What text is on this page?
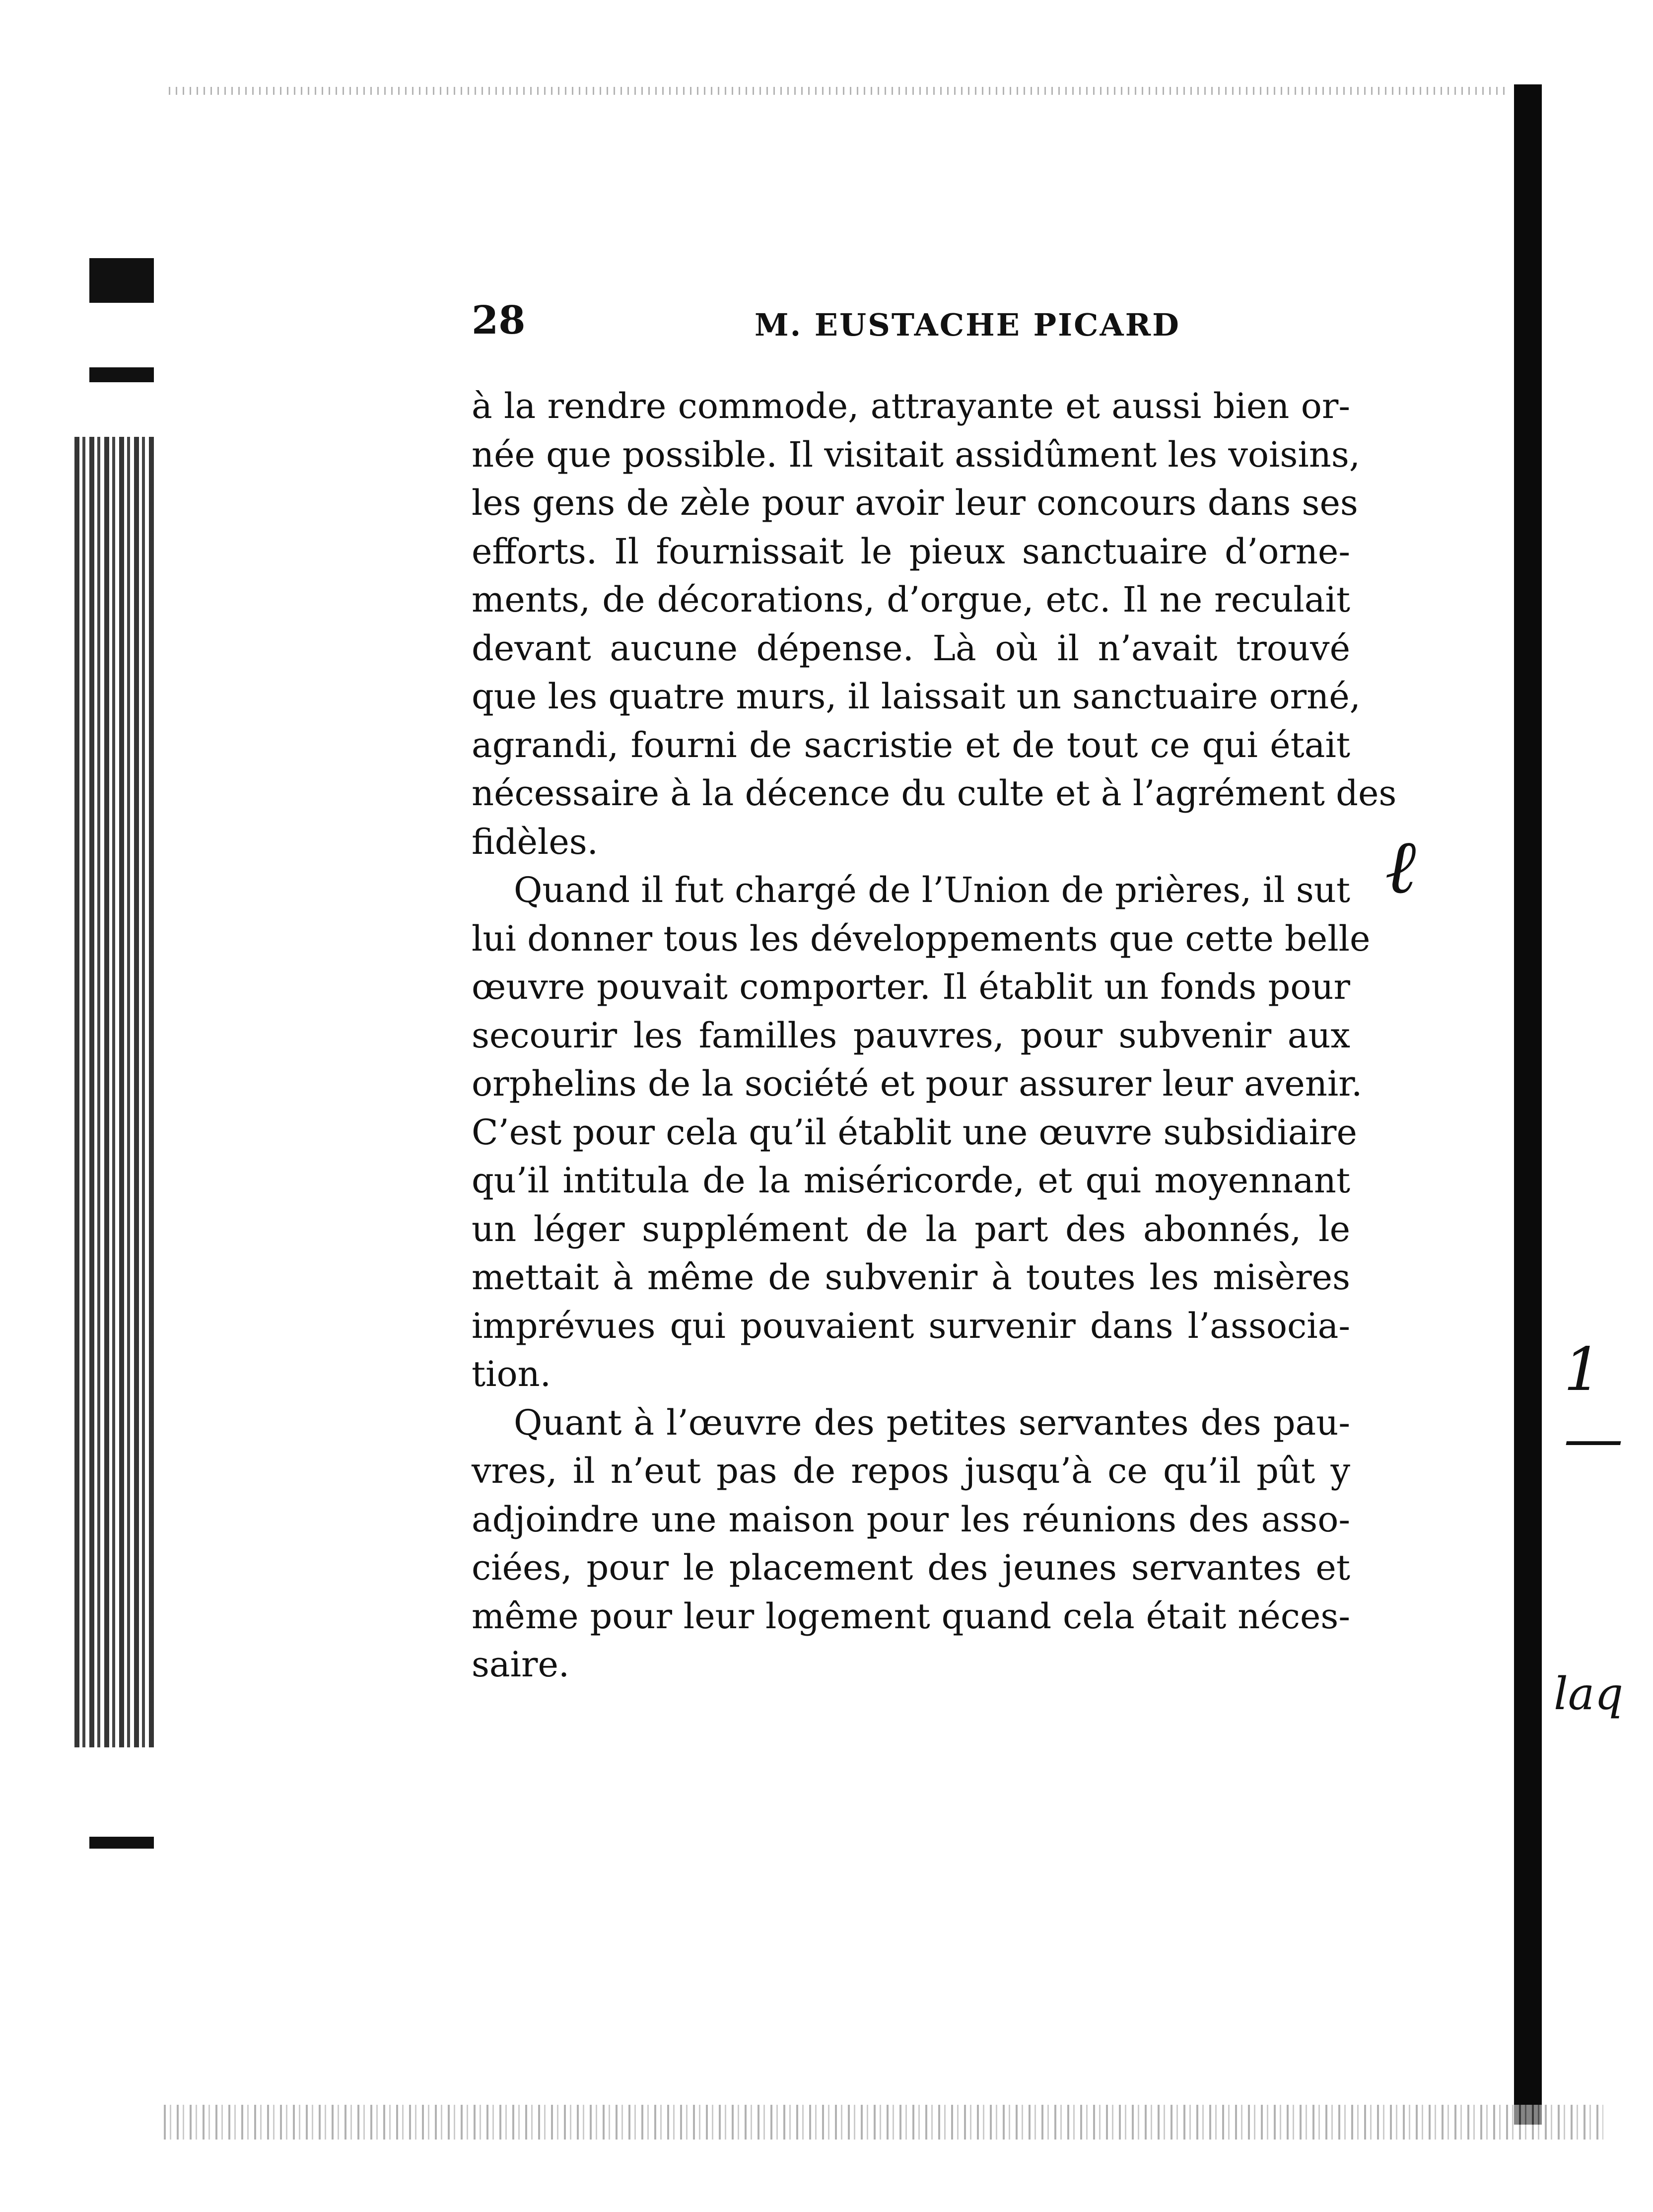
28	M. EUSTACHE PICARD
à la rendre commode, attrayante et aussi bien or-
née que possible. Il visitait assidûment les voisins,
les gens de zèle pour avoir leur concours dans ses
efforts. Il fournissait le pieux sanctuaire d’orne-
ments, de décorations, d’orgue, etc. Il ne reculait
devant aucune dépense. Là où il n’avait trouvé
que les quatre murs, il laissait un sanctuaire orné,
agrandi, fourni de sacristie et de tout ce qui était
nécessaire à la décence du culte et à l’agrément des
fidèles.
Quand il fut chargé de l’Union de prières, il sut
lui donner tous les développements que cette belle
œuvre pouvait comporter. Il établit un fonds pour
secourir les familles pauvres, pour subvenir aux
orphelins de la société et pour assurer leur avenir.
C’est pour cela qu’il établit une œuvre subsidiaire
qu’il intitula de la miséricorde, et qui moyennant
un léger supplément de la part des abonnés, le
mettait à même de subvenir à toutes les misères
imprévues qui pouvaient survenir dans l’associa-
tion.
Quant à l’œuvre des petites servantes des pau-
vres, il n’eut pas de repos jusqu’à ce qu’il pût y
adjoindre une maison pour les réunions des asso-
ciées, pour le placement des jeunes servantes et
même pour leur logement quand cela était néces-
saire.
ℓ
1 —
laq
